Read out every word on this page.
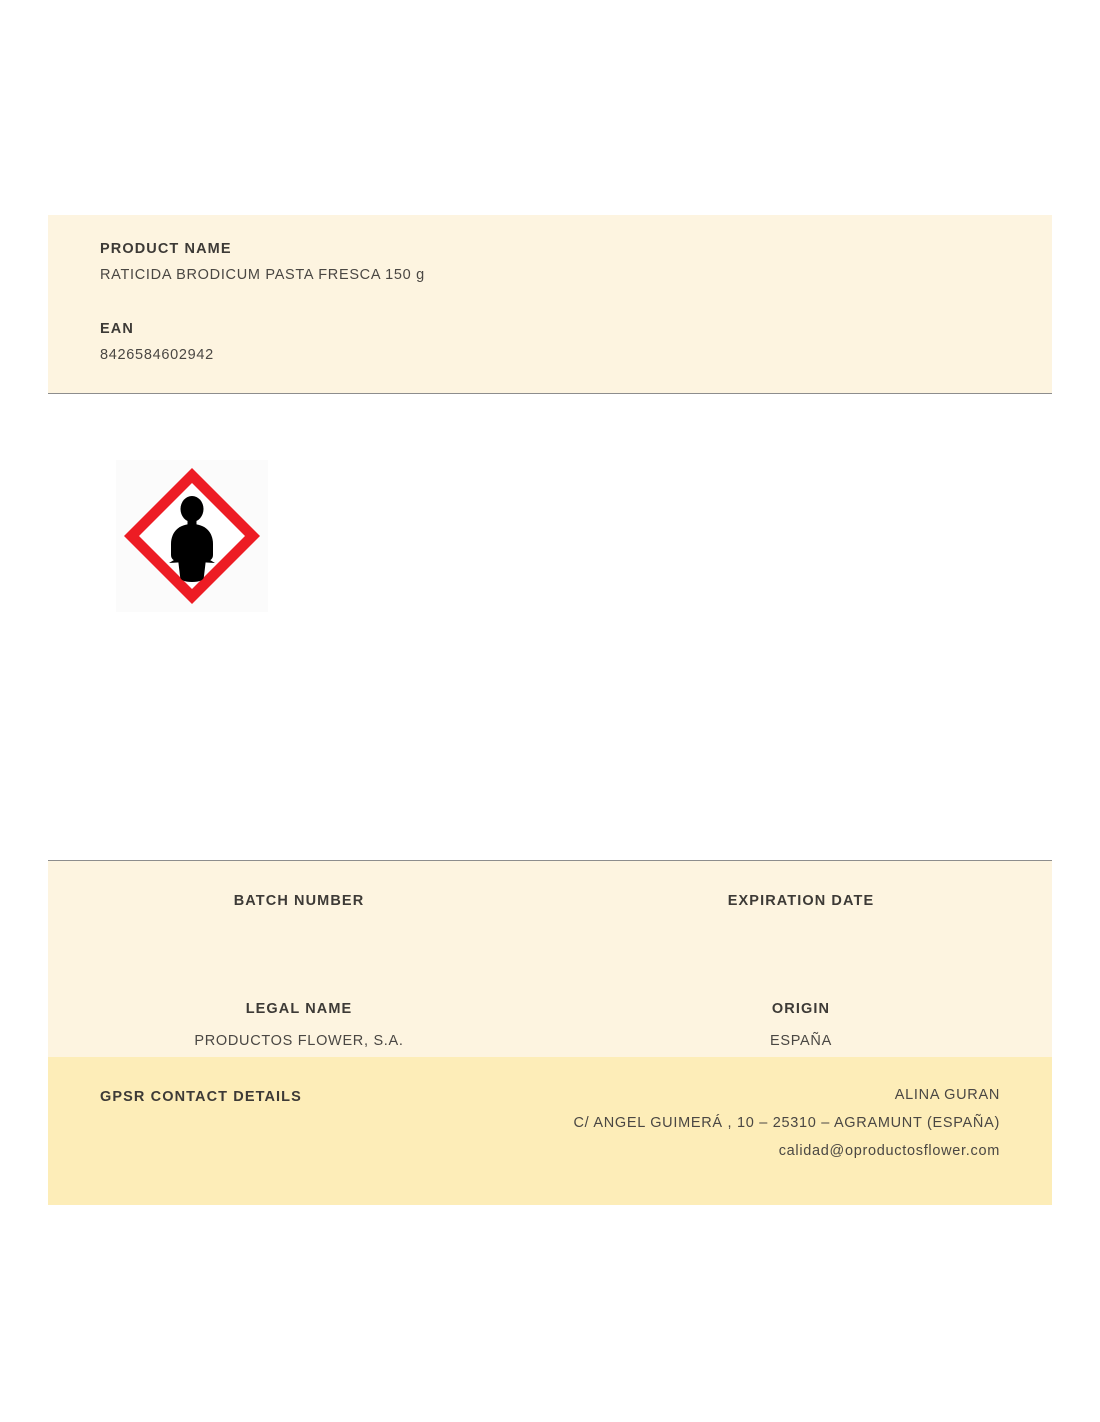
PRODUCT NAME

RATICIDA BRODICUM PASTA FRESCA 150 g

EAN

8426584602942

BATCH NUMBER	EXPIRATION DATE

LEGAL NAME

PRODUCTOS FLOWER, S.A.

ORIGIN

ESPAÑA

GPSR CONTACT DETAILS	ALINA GURAN

C/ ANGEL GUIMERÁ , 10 – 25310 – AGRAMUNT (ESPAÑA)

calidad@oproductosflower.com
